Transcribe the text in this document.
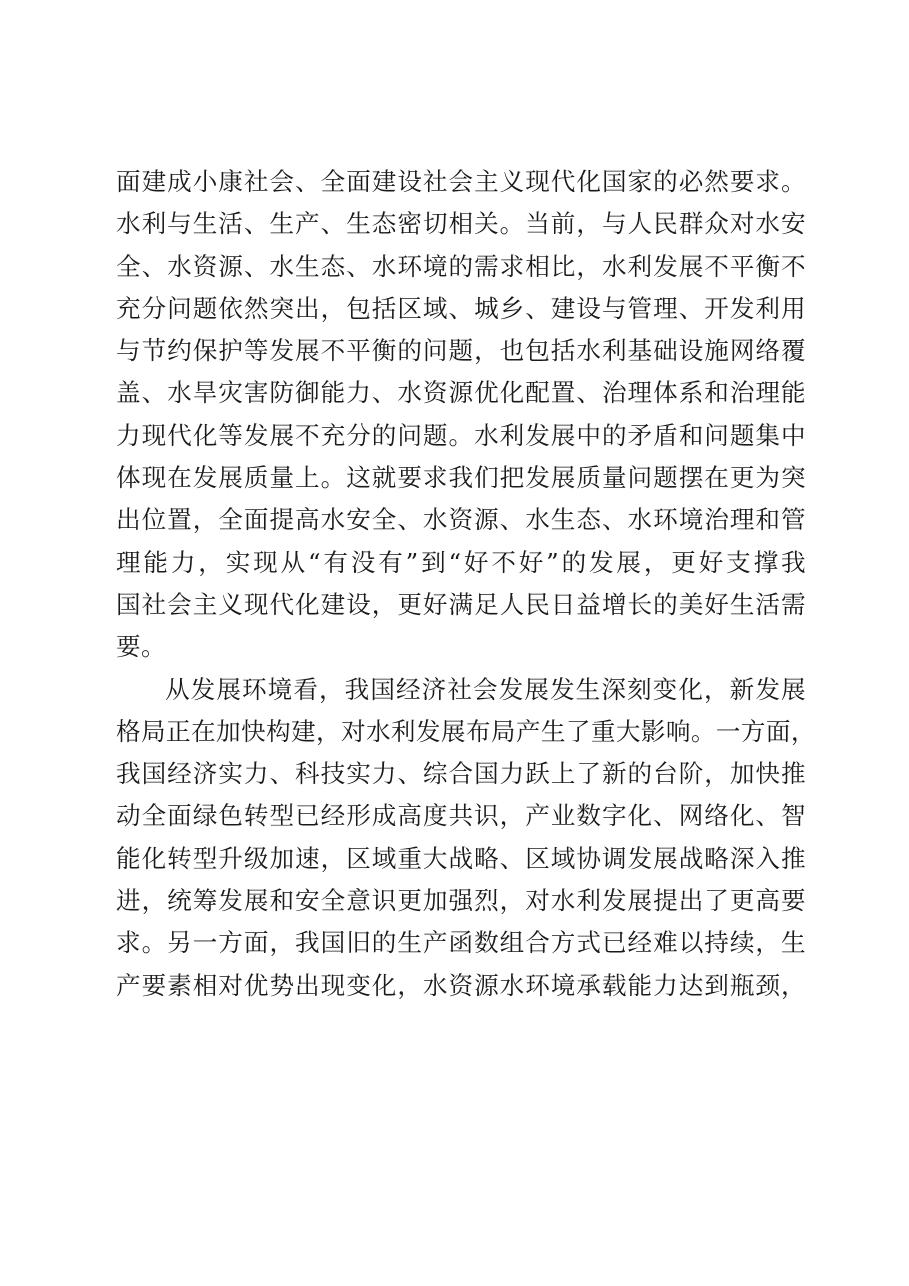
面建成小康社会、全面建设社会主义现代化国家的必然要求。
水利与生活、生产、生态密切相关。当前，与人民群众对水安
全、水资源、水生态、水环境的需求相比，水利发展不平衡不
充分问题依然突出，包括区域、城乡、建设与管理、开发利用
与节约保护等发展不平衡的问题，也包括水利基础设施网络覆
盖、水旱灾害防御能力、水资源优化配置、治理体系和治理能
力现代化等发展不充分的问题。水利发展中的矛盾和问题集中
体现在发展质量上。这就要求我们把发展质量问题摆在更为突
出位置，全面提高水安全、水资源、水生态、水环境治理和管
理能力，实现从“有没有”到“好不好”的发展，更好支撑我
国社会主义现代化建设，更好满足人民日益增长的美好生活需
要。
从发展环境看，我国经济社会发展发生深刻变化，新发展
格局正在加快构建，对水利发展布局产生了重大影响。一方面，
我国经济实力、科技实力、综合国力跃上了新的台阶，加快推
动全面绿色转型已经形成高度共识，产业数字化、网络化、智
能化转型升级加速，区域重大战略、区域协调发展战略深入推
进，统筹发展和安全意识更加强烈，对水利发展提出了更高要
求。另一方面，我国旧的生产函数组合方式已经难以持续，生
产要素相对优势出现变化，水资源水环境承载能力达到瓶颈，
